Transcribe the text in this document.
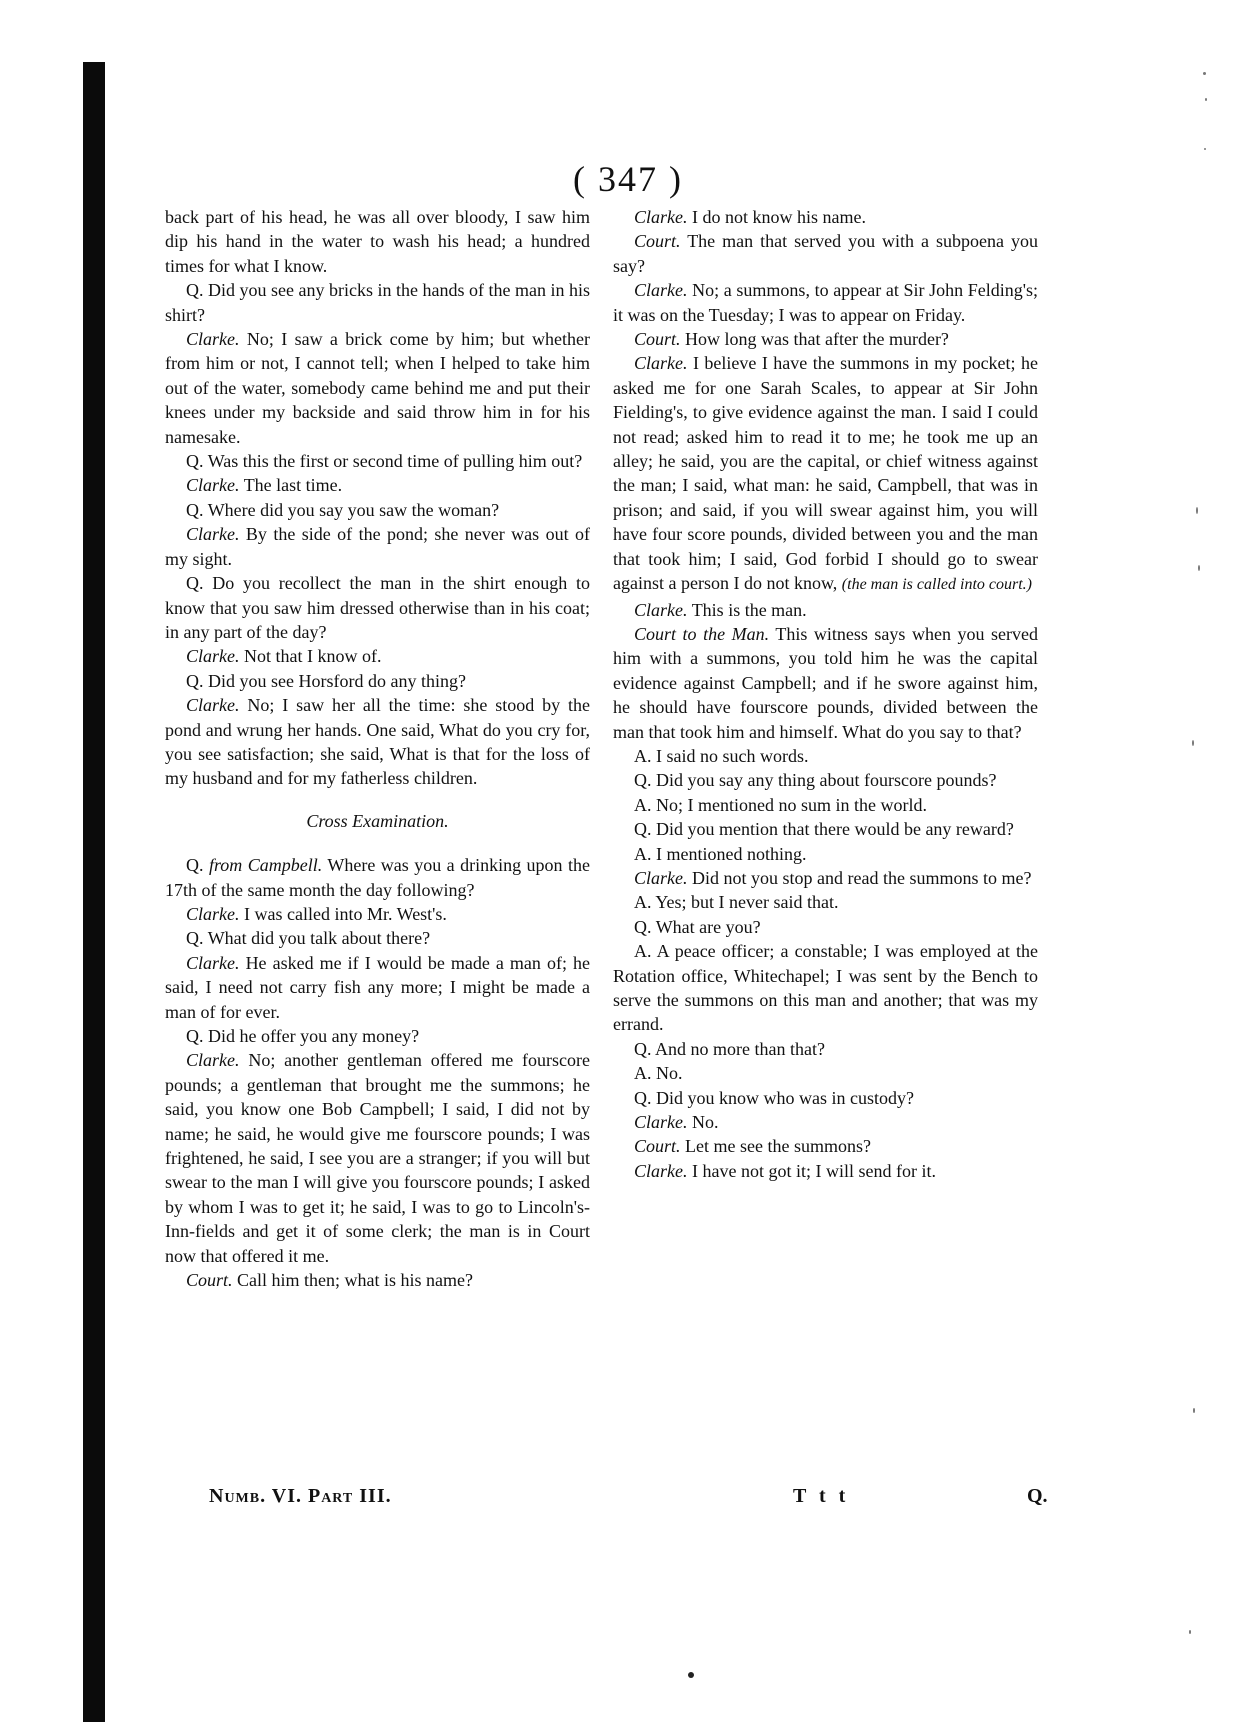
( 347 )

back part of his head, he was all over bloody, I saw him dip his hand in the water to wash his head; a hundred times for what I know.

Q. Did you see any bricks in the hands of the man in his shirt?

Clarke. No; I saw a brick come by him; but whether from him or not, I cannot tell; when I helped to take him out of the water, somebody came behind me and put their knees under my backside and said throw him in for his namesake.

Q. Was this the first or second time of pulling him out?

Clarke. The last time.

Q. Where did you say you saw the woman?

Clarke. By the side of the pond; she never was out of my sight.

Q. Do you recollect the man in the shirt enough to know that you saw him dressed otherwise than in his coat; in any part of the day?

Clarke. Not that I know of.

Q. Did you see Horsford do any thing?

Clarke. No; I saw her all the time: she stood by the pond and wrung her hands. One said, What do you cry for, you see satisfaction; she said, What is that for the loss of my husband and for my fatherless children.

Cross Examination.

Q. from Campbell. Where was you a drinking upon the 17th of the same month the day following?

Clarke. I was called into Mr. West's.

Q. What did you talk about there?

Clarke. He asked me if I would be made a man of; he said, I need not carry fish any more; I might be made a man of for ever.

Q. Did he offer you any money?

Clarke. No; another gentleman offered me fourscore pounds; a gentleman that brought me the summons; he said, you know one Bob Campbell; I said, I did not by name; he said, he would give me fourscore pounds; I was frightened, he said, I see you are a stranger; if you will but swear to the man I will give you fourscore pounds; I asked by whom I was to get it; he said, I was to go to Lincoln's-Inn-fields and get it of some clerk; the man is in Court now that offered it me.

Court. Call him then; what is his name?

Clarke. I do not know his name.

Court. The man that served you with a subpoena you say?

Clarke. No; a summons, to appear at Sir John Felding's; it was on the Tuesday; I was to appear on Friday.

Court. How long was that after the murder?

Clarke. I believe I have the summons in my pocket; he asked me for one Sarah Scales, to appear at Sir John Fielding's, to give evidence against the man. I said I could not read; asked him to read it to me; he took me up an alley; he said, you are the capital, or chief witness against the man; I said, what man: he said, Campbell, that was in prison; and said, if you will swear against him, you will have four score pounds, divided between you and the man that took him; I said, God forbid I should go to swear against a person I do not know, (the man is called into court.)

Clarke. This is the man.

Court to the Man. This witness says when you served him with a summons, you told him he was the capital evidence against Campbell; and if he swore against him, he should have fourscore pounds, divided between the man that took him and himself. What do you say to that?

A. I said no such words.

Q. Did you say any thing about fourscore pounds?

A. No; I mentioned no sum in the world.

Q. Did you mention that there would be any reward?

A. I mentioned nothing.

Clarke. Did not you stop and read the summons to me?

A. Yes; but I never said that.

Q. What are you?

A. A peace officer; a constable; I was employed at the Rotation office, Whitechapel; I was sent by the Bench to serve the summons on this man and another; that was my errand.

Q. And no more than that?

A. No.

Q. Did you know who was in custody?

Clarke. No.

Court. Let me see the summons?

Clarke. I have not got it; I will send for it.

Numb. VI. Part III.	T t t	Q.
